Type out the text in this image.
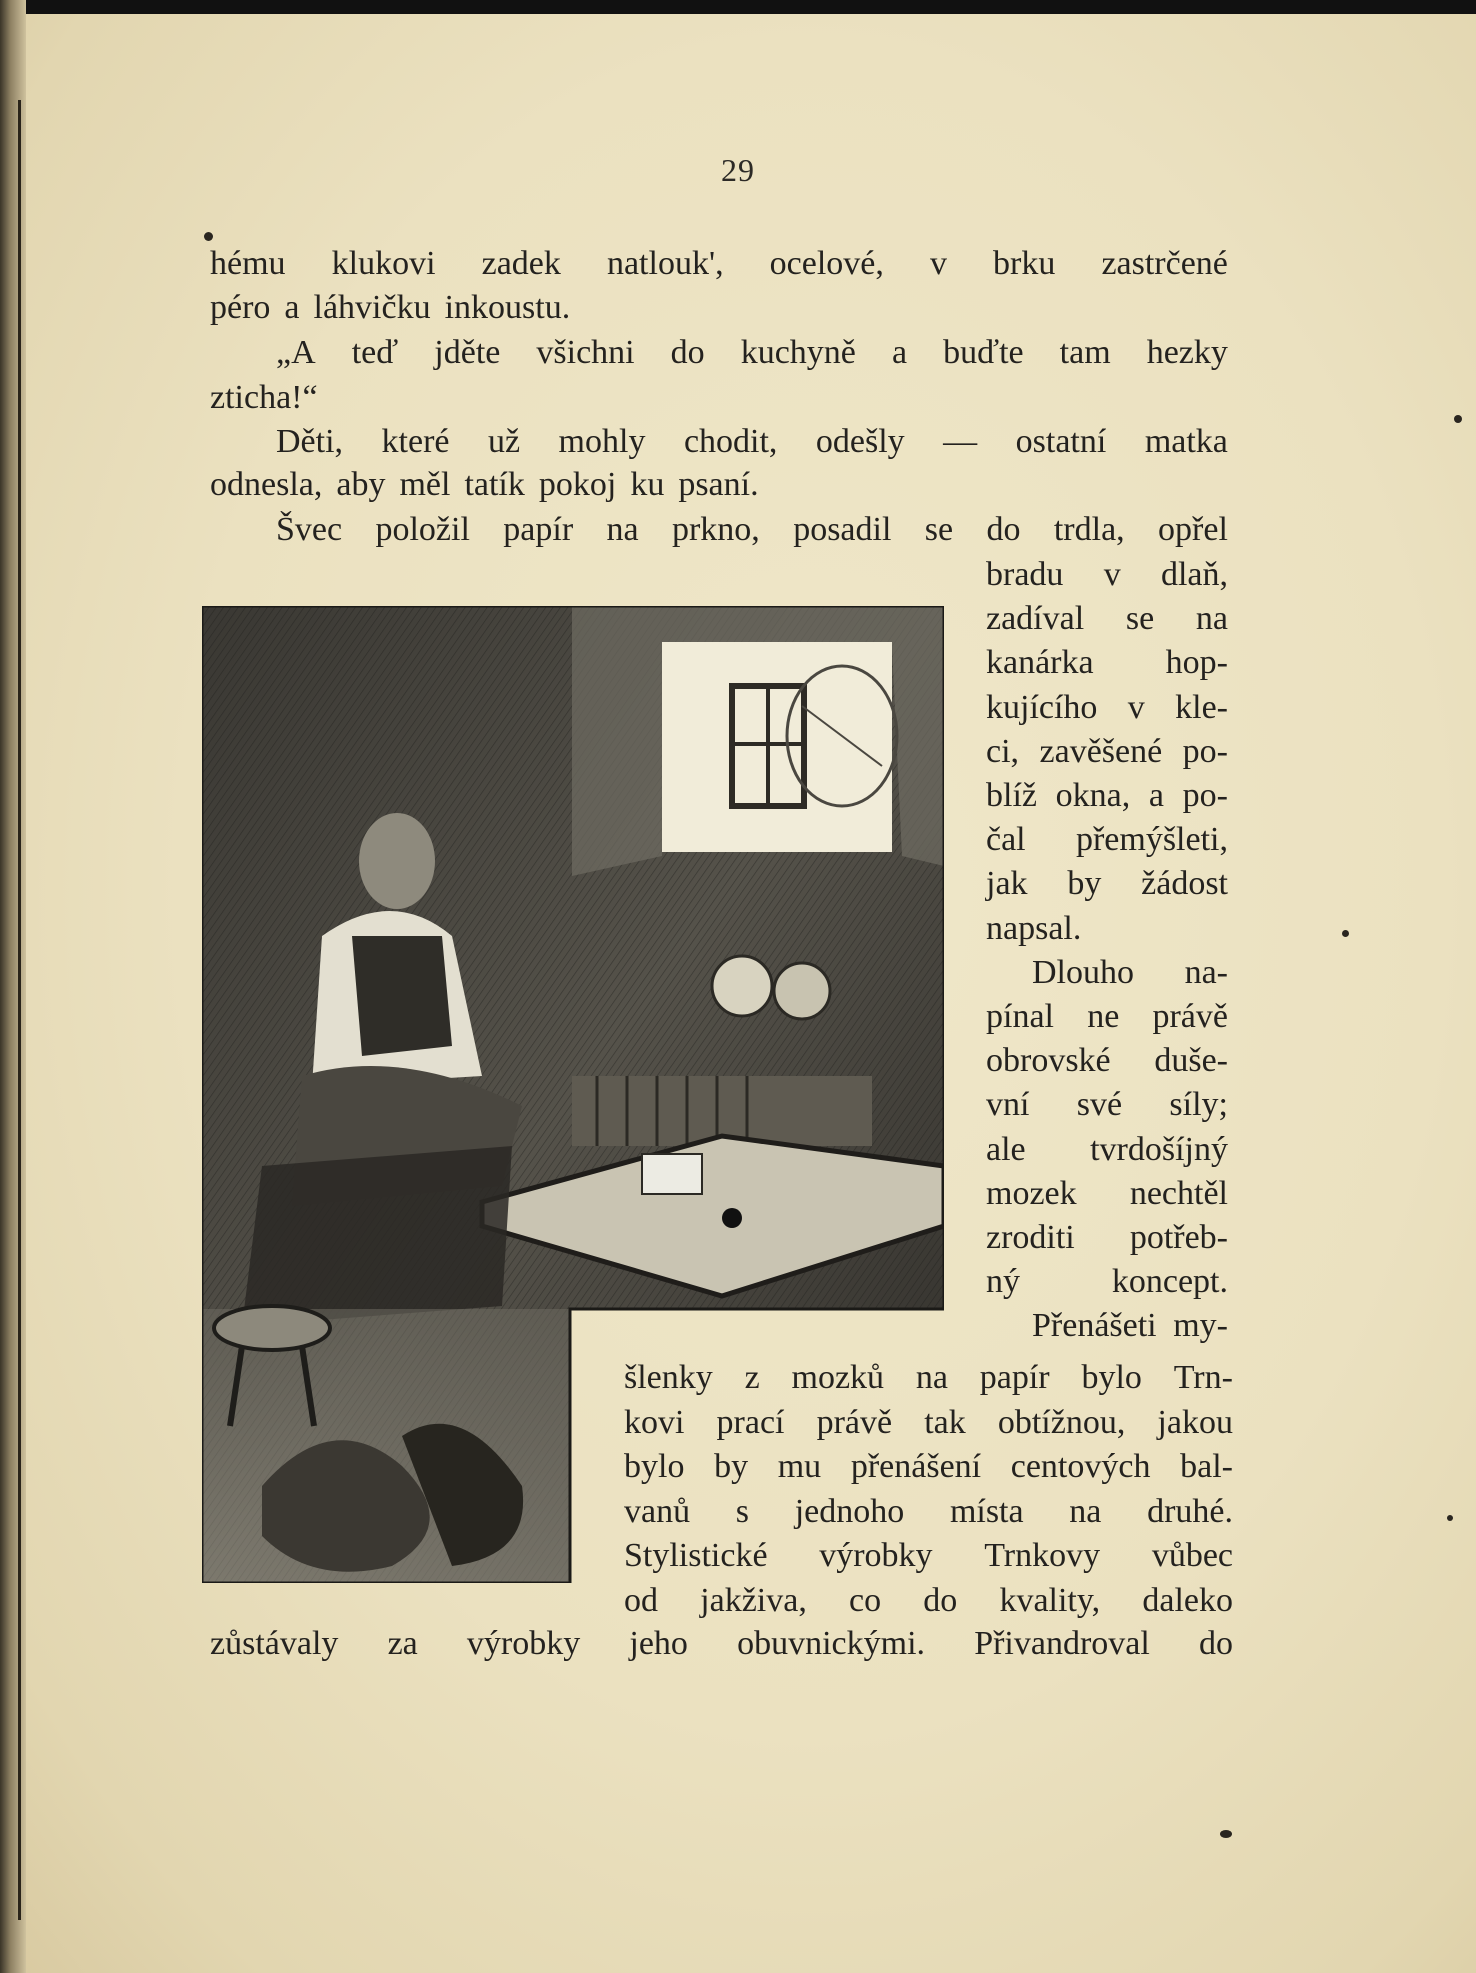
29
hému klukovi zadek natlouk', ocelové, v brku zastrčené
péro a láhvičku inkoustu.
„A teď jděte všichni do kuchyně a buďte tam hezky
zticha!“
Děti, které už mohly chodit, odešly — ostatní matka
odnesla, aby měl tatík pokoj ku psaní.
Švec položil papír na prkno, posadil se do trdla, opřel
bradu v dlaň,
zadíval se na
kanárka hop-
kujícího v kle-
ci, zavěšené po-
blíž okna, a po-
čal přemýšleti,
jak by žádost
napsal.
Dlouho na-
pínal ne právě
obrovské duše-
vní své síly;
ale tvrdošíjný
mozek nechtěl
zroditi potřeb-
ný	koncept.
Přenášeti my-
šlenky z mozků na papír bylo Trn-
kovi prací právě tak obtížnou, jakou
bylo by mu přenášení centových bal-
vanů s jednoho místa na druhé.
Stylistické výrobky Trnkovy vůbec
od jakživa, co do kvality, daleko
zůstávaly za výrobky jeho obuvnickými. Přivandroval do
